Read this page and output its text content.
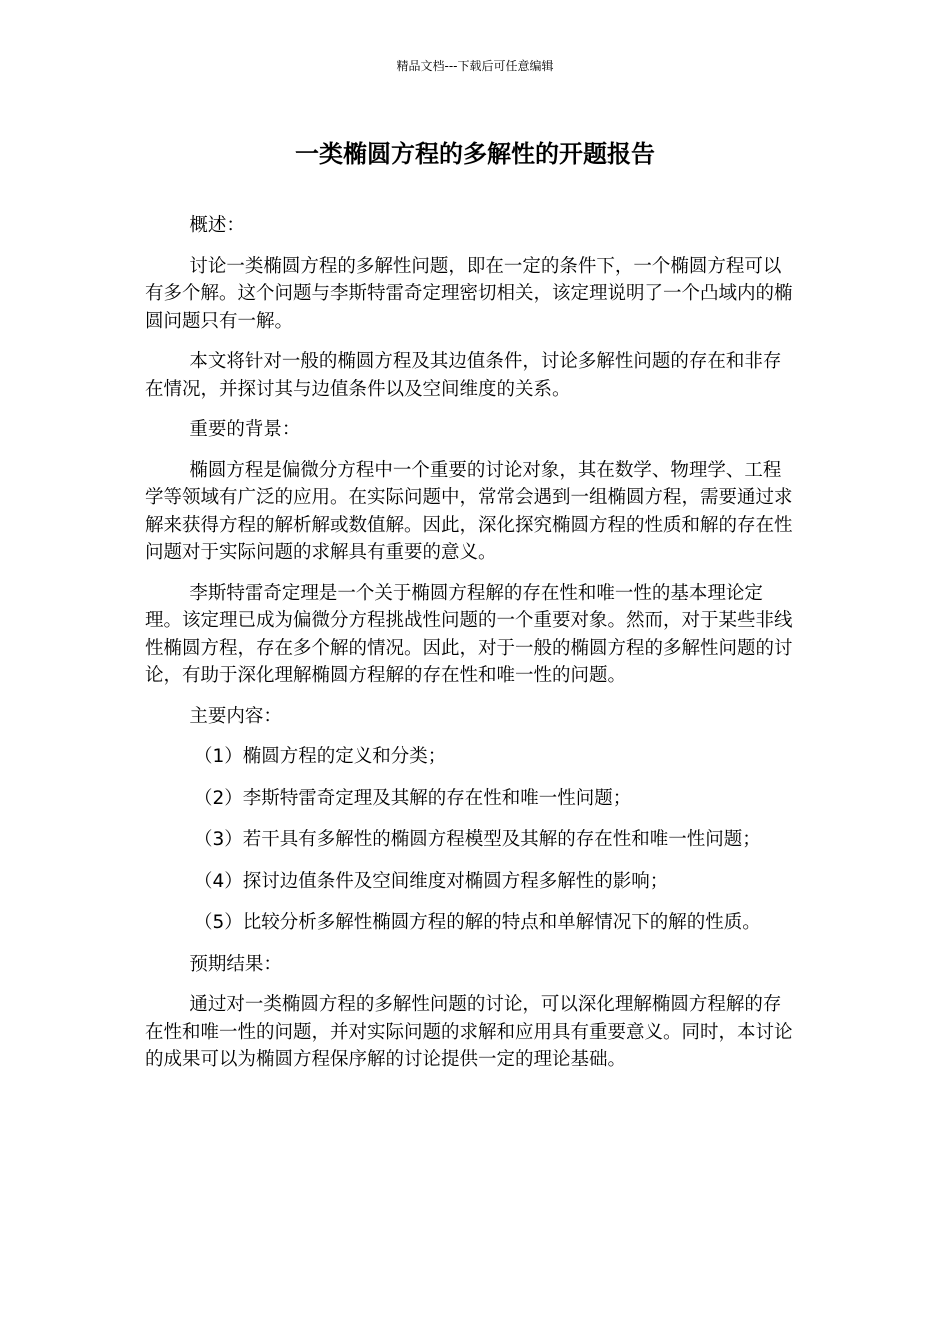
精品文档---下载后可任意编辑
一类椭圆方程的多解性的开题报告

概述：

讨论一类椭圆方程的多解性问题，即在一定的条件下，一个椭圆方程可以有多个解。这个问题与李斯特雷奇定理密切相关，该定理说明了一个凸域内的椭圆问题只有一解。

本文将针对一般的椭圆方程及其边值条件，讨论多解性问题的存在和非存在情况，并探讨其与边值条件以及空间维度的关系。

重要的背景：

椭圆方程是偏微分方程中一个重要的讨论对象，其在数学、物理学、工程学等领域有广泛的应用。在实际问题中，常常会遇到一组椭圆方程，需要通过求解来获得方程的解析解或数值解。因此，深化探究椭圆方程的性质和解的存在性问题对于实际问题的求解具有重要的意义。

李斯特雷奇定理是一个关于椭圆方程解的存在性和唯一性的基本理论定理。该定理已成为偏微分方程挑战性问题的一个重要对象。然而，对于某些非线性椭圆方程，存在多个解的情况。因此，对于一般的椭圆方程的多解性问题的讨论，有助于深化理解椭圆方程解的存在性和唯一性的问题。

主要内容：

（1）椭圆方程的定义和分类；

（2）李斯特雷奇定理及其解的存在性和唯一性问题；

（3）若干具有多解性的椭圆方程模型及其解的存在性和唯一性问题；

（4）探讨边值条件及空间维度对椭圆方程多解性的影响；

（5）比较分析多解性椭圆方程的解的特点和单解情况下的解的性质。

预期结果：

通过对一类椭圆方程的多解性问题的讨论，可以深化理解椭圆方程解的存在性和唯一性的问题，并对实际问题的求解和应用具有重要意义。同时，本讨论的成果可以为椭圆方程保序解的讨论提供一定的理论基础。
